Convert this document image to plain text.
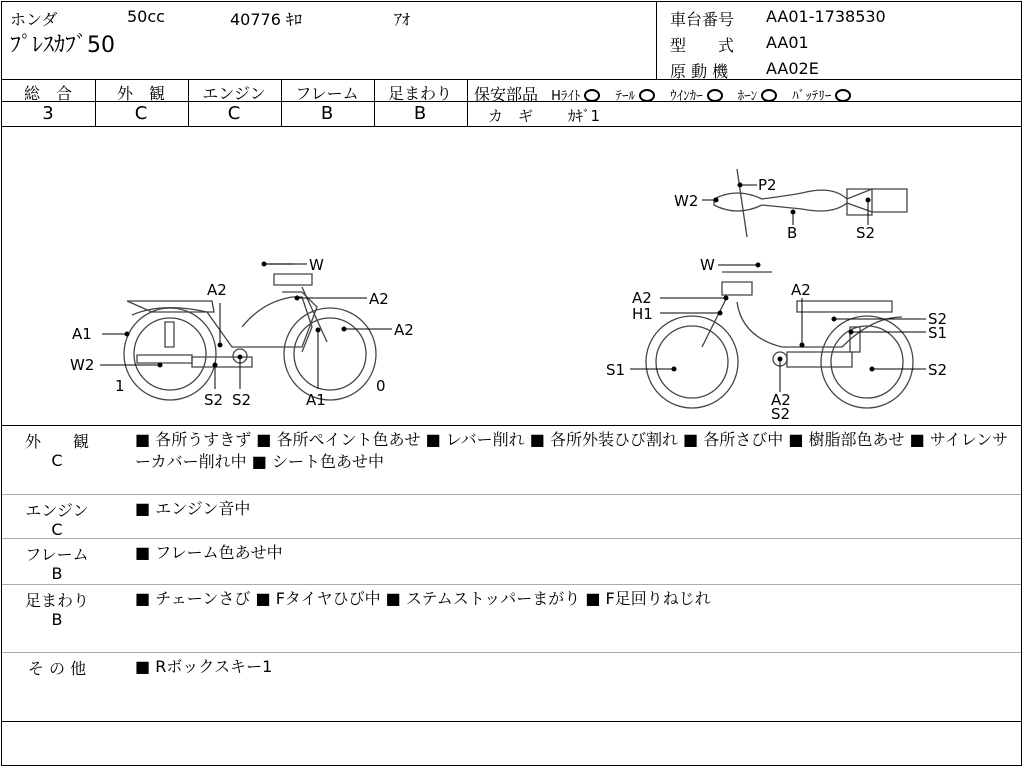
ホンダ	50cc	40776 ｷﾛ	ｱｵ
ﾌﾟﾚｽｶﾌﾞ50
車台番号 AA01-1738530
型　　式 AA01
原 動 機 AA02E
総　合	外　観	エンジン	フレーム	足まわり
3	C	C	B	B
保安部品 Hﾗｲﾄ	ﾃｰﾙ	ｳｲﾝｶｰ	ﾎｰﾝ	ﾊﾞｯﾃﾘｰ
カ　ギ ｶｷﾞ1
W
A2	A2
A2
A1
W2
1
S2 S2	A1
0
P2
W2
B	S2
W
A2
H1
A2
S2
S1
S1	S2
A2
S2
外　　観
C
■ 各所うすきず ■ 各所ペイント色あせ ■ レバー削れ ■ 各所外装ひび割れ ■ 各所さび中 ■ 樹脂部色あせ ■ サイレンサーカバー削れ中 ■ シート色あせ中
エンジン
C
■ エンジン音中
フレーム
B
■ フレーム色あせ中
足まわり
B
■ チェーンさび ■ Fタイヤひび中 ■ ステムストッパーまがり ■ F足回りねじれ
そ の 他	■ Rボックスキー1
